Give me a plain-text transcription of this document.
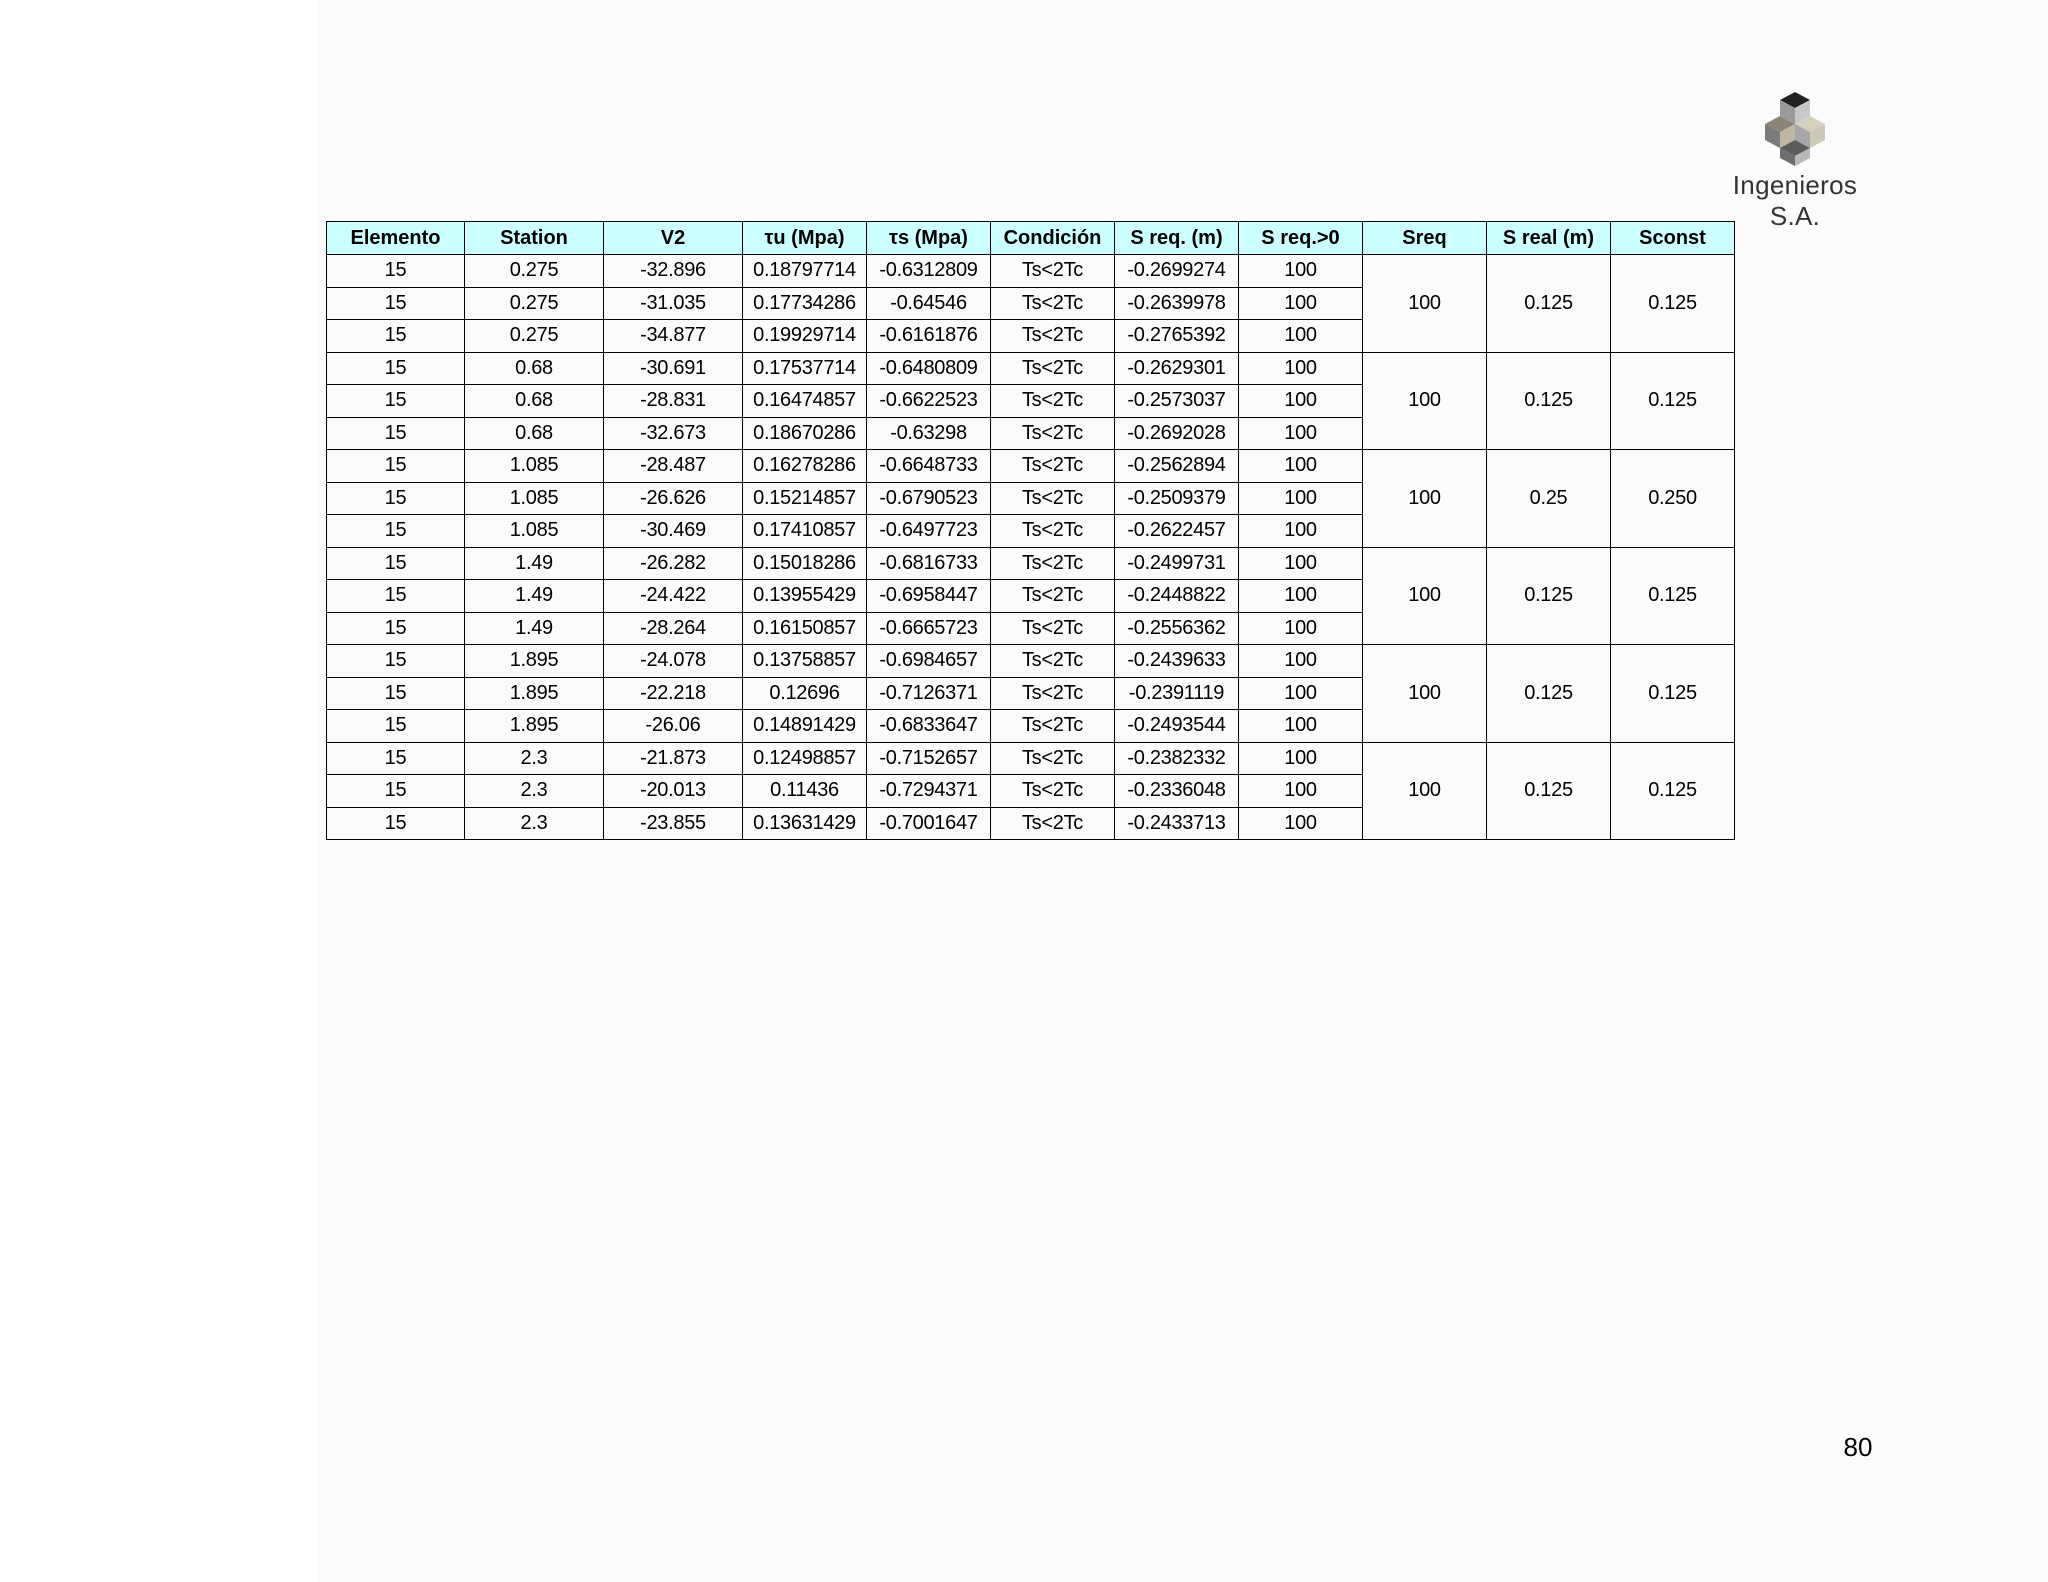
Ingenieros S.A.
Elemento	Station	V2	τu (Mpa)	τs (Mpa)	Condición	S req. (m)	S req.>0	Sreq	S real (m)	Sconst
15	0.275	-32.896	0.18797714	-0.6312809	Ts<2Tc	-0.2699274	100	100	0.125	0.125
15	0.275	-31.035	0.17734286	-0.64546	Ts<2Tc	-0.2639978	100			
15	0.275	-34.877	0.19929714	-0.6161876	Ts<2Tc	-0.2765392	100			
15	0.68	-30.691	0.17537714	-0.6480809	Ts<2Tc	-0.2629301	100	100	0.125	0.125
15	0.68	-28.831	0.16474857	-0.6622523	Ts<2Tc	-0.2573037	100			
15	0.68	-32.673	0.18670286	-0.63298	Ts<2Tc	-0.2692028	100			
15	1.085	-28.487	0.16278286	-0.6648733	Ts<2Tc	-0.2562894	100	100	0.25	0.250
15	1.085	-26.626	0.15214857	-0.6790523	Ts<2Tc	-0.2509379	100			
15	1.085	-30.469	0.17410857	-0.6497723	Ts<2Tc	-0.2622457	100			
15	1.49	-26.282	0.15018286	-0.6816733	Ts<2Tc	-0.2499731	100	100	0.125	0.125
15	1.49	-24.422	0.13955429	-0.6958447	Ts<2Tc	-0.2448822	100			
15	1.49	-28.264	0.16150857	-0.6665723	Ts<2Tc	-0.2556362	100			
15	1.895	-24.078	0.13758857	-0.6984657	Ts<2Tc	-0.2439633	100	100	0.125	0.125
15	1.895	-22.218	0.12696	-0.7126371	Ts<2Tc	-0.2391119	100			
15	1.895	-26.06	0.14891429	-0.6833647	Ts<2Tc	-0.2493544	100			
15	2.3	-21.873	0.12498857	-0.7152657	Ts<2Tc	-0.2382332	100	100	0.125	0.125
15	2.3	-20.013	0.11436	-0.7294371	Ts<2Tc	-0.2336048	100			
15	2.3	-23.855	0.13631429	-0.7001647	Ts<2Tc	-0.2433713	100			
80
